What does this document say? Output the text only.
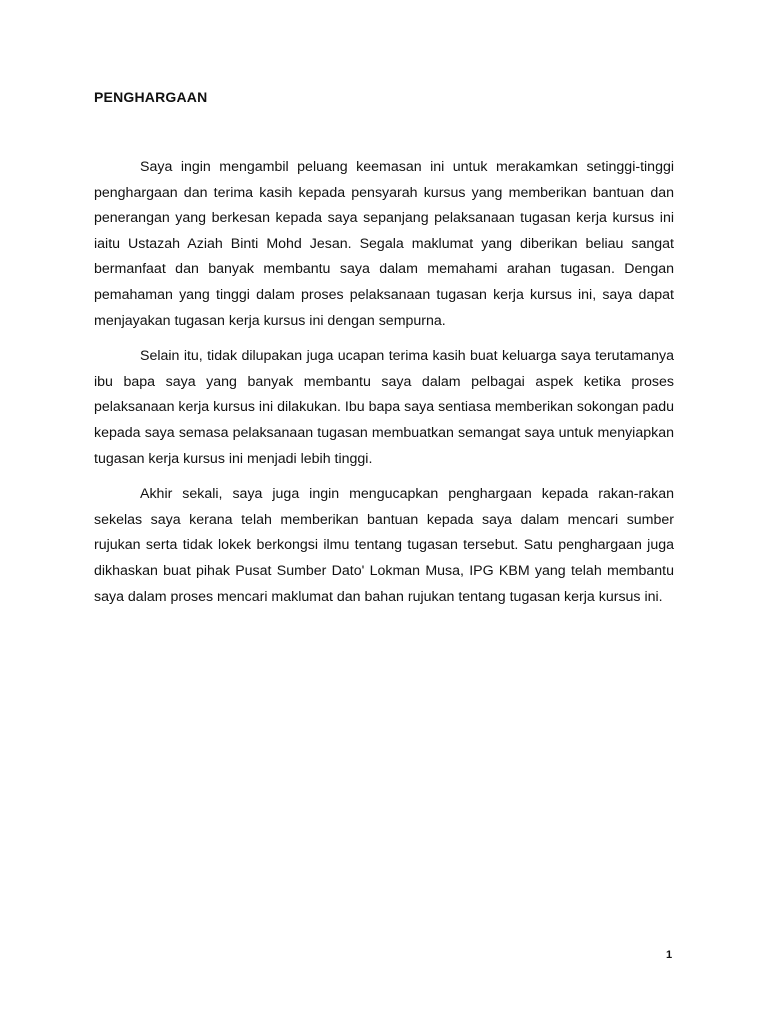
PENGHARGAAN

Saya ingin mengambil peluang keemasan ini untuk merakamkan setinggi-tinggi penghargaan dan terima kasih kepada pensyarah kursus yang memberikan bantuan dan penerangan yang berkesan kepada saya sepanjang pelaksanaan tugasan kerja kursus ini iaitu Ustazah Aziah Binti Mohd Jesan. Segala maklumat yang diberikan beliau sangat bermanfaat dan banyak membantu saya dalam memahami arahan tugasan. Dengan pemahaman yang tinggi dalam proses pelaksanaan tugasan kerja kursus ini, saya dapat menjayakan tugasan kerja kursus ini dengan sempurna.

Selain itu, tidak dilupakan juga ucapan terima kasih buat keluarga saya terutamanya ibu bapa saya yang banyak membantu saya dalam pelbagai aspek ketika proses pelaksanaan kerja kursus ini dilakukan. Ibu bapa saya sentiasa memberikan sokongan padu kepada saya semasa pelaksanaan tugasan membuatkan semangat saya untuk menyiapkan tugasan kerja kursus ini menjadi lebih tinggi.

Akhir sekali, saya juga ingin mengucapkan penghargaan kepada rakan-rakan sekelas saya kerana telah memberikan bantuan kepada saya dalam mencari sumber rujukan serta tidak lokek berkongsi ilmu tentang tugasan tersebut. Satu penghargaan juga dikhaskan buat pihak Pusat Sumber Dato' Lokman Musa, IPG KBM yang telah membantu saya dalam proses mencari maklumat dan bahan rujukan tentang tugasan kerja kursus ini.

1
